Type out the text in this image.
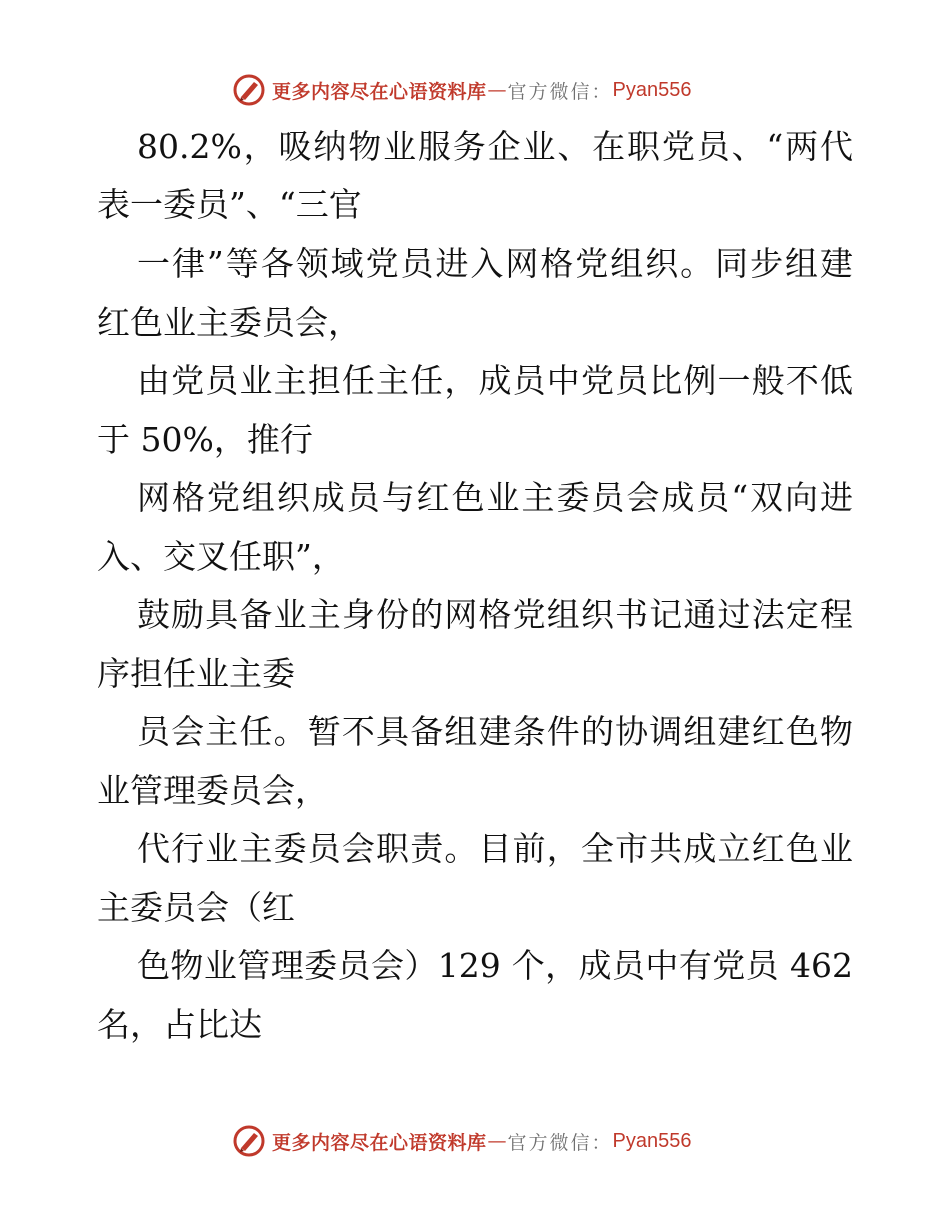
更多内容尽在心语资料库 — 官方微信： Pyan556
80.2%，吸纳物业服务企业、在职党员、“两代
表一委员”、“三官
一律”等各领域党员进入网格党组织。同步组建
红色业主委员会，
由党员业主担任主任，成员中党员比例一般不低
于 50%，推行
网格党组织成员与红色业主委员会成员“双向进
入、交叉任职”，
鼓励具备业主身份的网格党组织书记通过法定程
序担任业主委
员会主任。暂不具备组建条件的协调组建红色物
业管理委员会，
代行业主委员会职责。目前，全市共成立红色业
主委员会（红
色物业管理委员会）129 个，成员中有党员 462
名，占比达
更多内容尽在心语资料库 — 官方微信： Pyan556
